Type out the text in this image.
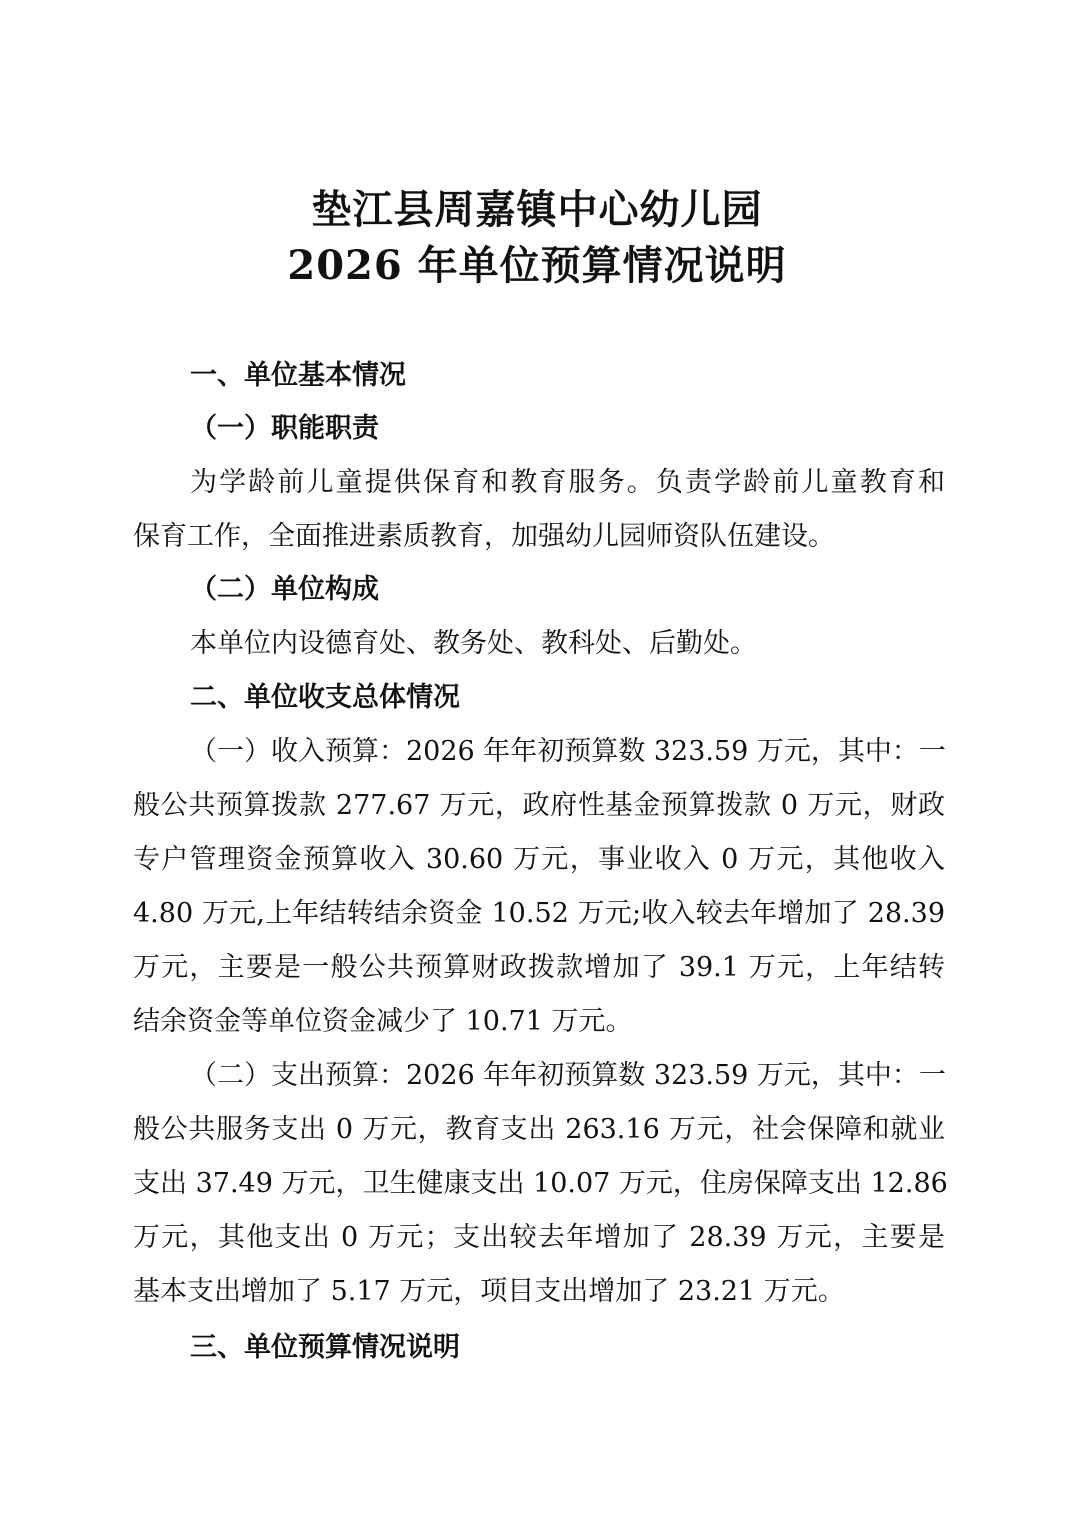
垫江县周嘉镇中心幼儿园
2026 年单位预算情况说明
一、单位基本情况
（一）职能职责
为学龄前儿童提供保育和教育服务。负责学龄前儿童教育和
保育工作，全面推进素质教育，加强幼儿园师资队伍建设。
（二）单位构成
本单位内设德育处、教务处、教科处、后勤处。
二、单位收支总体情况
（一）收入预算：2026 年年初预算数 323.59 万元，其中：一
般公共预算拨款 277.67 万元，政府性基金预算拨款 0 万元，财政
专户管理资金预算收入 30.60 万元，事业收入 0 万元，其他收入
4.80 万元,上年结转结余资金 10.52 万元;收入较去年增加了 28.39
万元，主要是一般公共预算财政拨款增加了 39.1 万元，上年结转
结余资金等单位资金减少了 10.71 万元。
（二）支出预算：2026 年年初预算数 323.59 万元，其中：一
般公共服务支出 0 万元，教育支出 263.16 万元，社会保障和就业
支出 37.49 万元，卫生健康支出 10.07 万元，住房保障支出 12.86
万元，其他支出 0 万元；支出较去年增加了 28.39 万元，主要是
基本支出增加了 5.17 万元，项目支出增加了 23.21 万元。
三、单位预算情况说明
